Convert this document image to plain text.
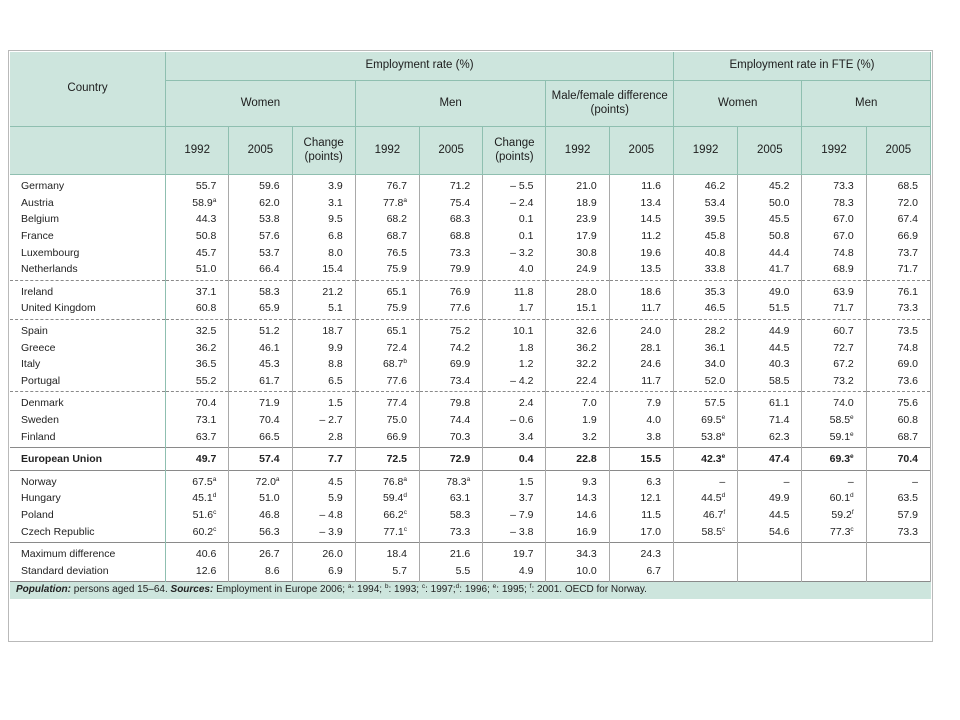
Country	Employment rate (%)								Employment rate in FTE (%)			
	Women			Men			Male/female difference (points)		Women		Men	
	1992	2005	Change (points)	1992	2005	Change (points)	1992	2005	1992	2005	1992	2005
Germany	55.7	59.6	3.9	76.7	71.2	– 5.5	21.0	11.6	46.2	45.2	73.3	68.5
Austria	58.9$^a$	62.0	3.1	77.8$^a$	75.4	– 2.4	18.9	13.4	53.4	50.0	78.3	72.0
Belgium	44.3	53.8	9.5	68.2	68.3	0.1	23.9	14.5	39.5	45.5	67.0	67.4
France	50.8	57.6	6.8	68.7	68.8	0.1	17.9	11.2	45.8	50.8	67.0	66.9
Luxembourg	45.7	53.7	8.0	76.5	73.3	– 3.2	30.8	19.6	40.8	44.4	74.8	73.7
Netherlands	51.0	66.4	15.4	75.9	79.9	4.0	24.9	13.5	33.8	41.7	68.9	71.7
Ireland	37.1	58.3	21.2	65.1	76.9	11.8	28.0	18.6	35.3	49.0	63.9	76.1
United Kingdom	60.8	65.9	5.1	75.9	77.6	1.7	15.1	11.7	46.5	51.5	71.7	73.3
Spain	32.5	51.2	18.7	65.1	75.2	10.1	32.6	24.0	28.2	44.9	60.7	73.5
Greece	36.2	46.1	9.9	72.4	74.2	1.8	36.2	28.1	36.1	44.5	72.7	74.8
Italy	36.5	45.3	8.8	68.7$^b$	69.9	1.2	32.2	24.6	34.0	40.3	67.2	69.0
Portugal	55.2	61.7	6.5	77.6	73.4	– 4.2	22.4	11.7	52.0	58.5	73.2	73.6
Denmark	70.4	71.9	1.5	77.4	79.8	2.4	7.0	7.9	57.5	61.1	74.0	75.6
Sweden	73.1	70.4	– 2.7	75.0	74.4	– 0.6	1.9	4.0	69.5e	71.4	58.5e	60.8
Finland	63.7	66.5	2.8	66.9	70.3	3.4	3.2	3.8	53.8e	62.3	59.1e	68.7
European Union	49.7	57.4	7.7	72.5	72.9	0.4	22.8	15.5	42.3e	47.4	69.3e	70.4
Norway	67.5$^a$	72.0$^a$	4.5	76.8$^a$	78.3$^a$	1.5	9.3	6.3	–	–	–	–
Hungary	45.1$^d$	51.0	5.9	59.4$^d$	63.1	3.7	14.3	12.1	44.5$^d$	49.9	60.1$^d$	63.5
Poland	51.6$^c$	46.8	– 4.8	66.2$^c$	58.3	– 7.9	14.6	11.5	46.7$^f$	44.5	59.2$^f$	57.9
Czech Republic	60.2$^c$	56.3	– 3.9	77.1$^c$	73.3	– 3.8	16.9	17.0	58.5$^c$	54.6	77.3$^c$	73.3
Maximum difference	40.6	26.7	26.0	18.4	21.6	19.7	34.3	24.3				
Standard deviation	12.6	8.6	6.9	5.7	5.5	4.9	10.0	6.7				
Population: persons aged 15–64. Sources: Employment in Europe 2006; $^a$: 1994; $^b$: 1993; $^c$: 1997;$^d$: 1996; $^e$: 1995; $^f$: 2001. OECD for Norway.												
